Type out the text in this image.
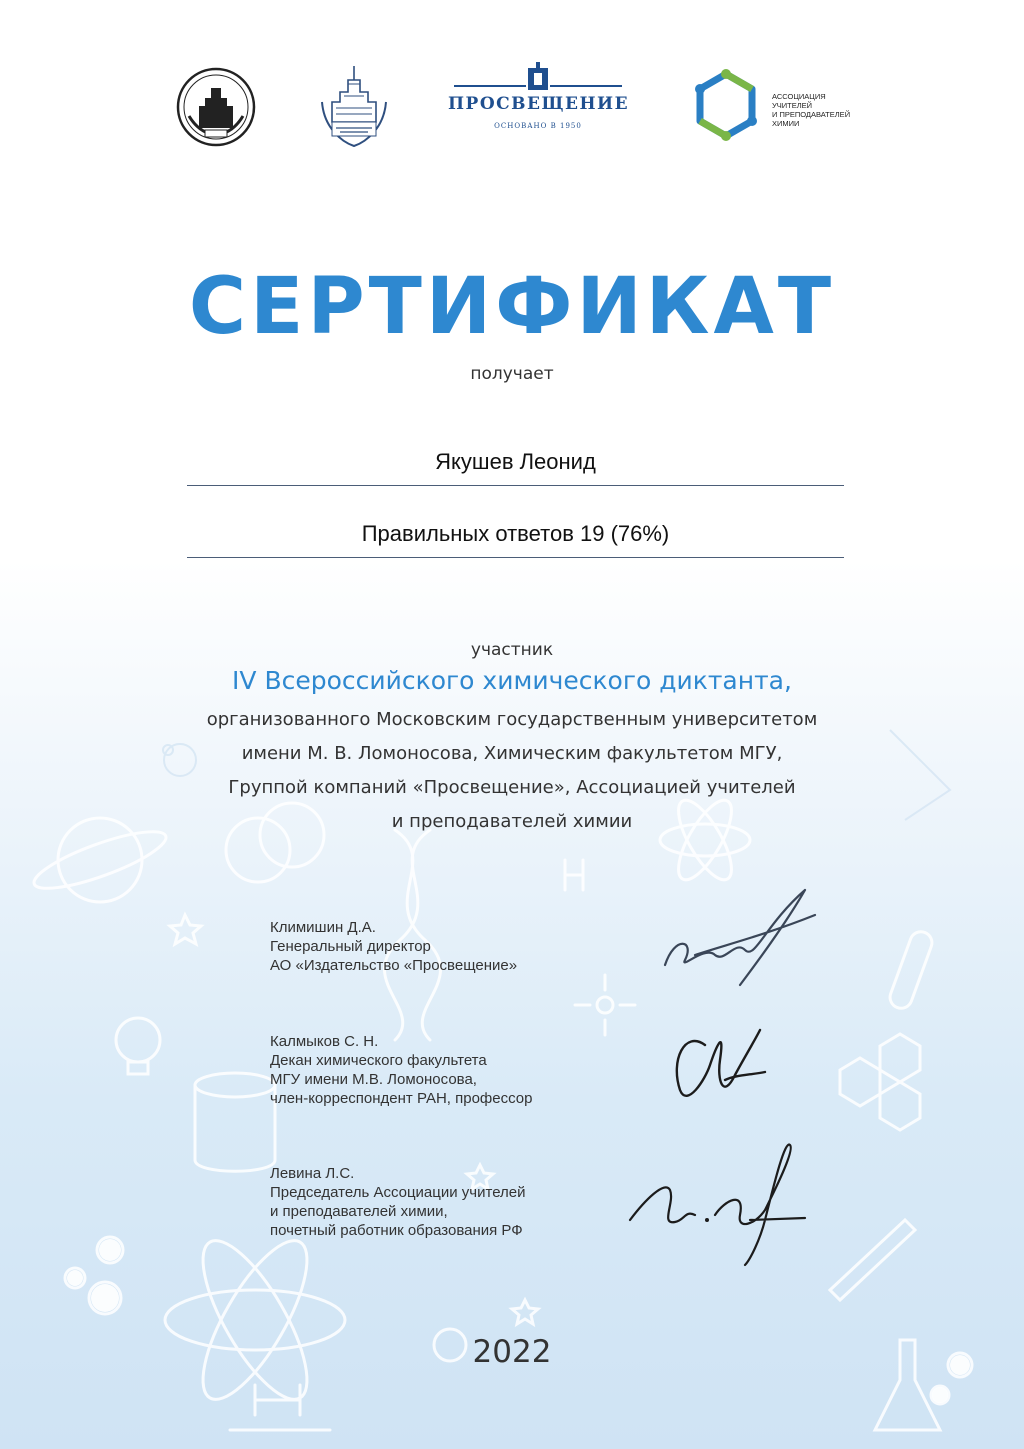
ПРОСВЕЩЕНИЕ
ОСНОВАНО В 1950
АССОЦИАЦИЯ
УЧИТЕЛЕЙ
И ПРЕПОДАВАТЕЛЕЙ
ХИМИИ
СЕРТИФИКАТ
получает
Якушев Леонид
Правильных ответов 19 (76%)
участник
IV Всероссийского химического диктанта,
организованного Московским государственным университетом
имени М. В. Ломоносова, Химическим факультетом МГУ,
Группой компаний «Просвещение», Ассоциацией учителей
и преподавателей химии
Климишин Д.А.
Генеральный директор
АО «Издательство «Просвещение»
Калмыков С. Н.
Декан химического факультета
МГУ имени М.В. Ломоносова,
член-корреспондент РАН, профессор
Левина Л.С.
Председатель Ассоциации учителей
и преподавателей химии,
почетный работник образования РФ
2022
